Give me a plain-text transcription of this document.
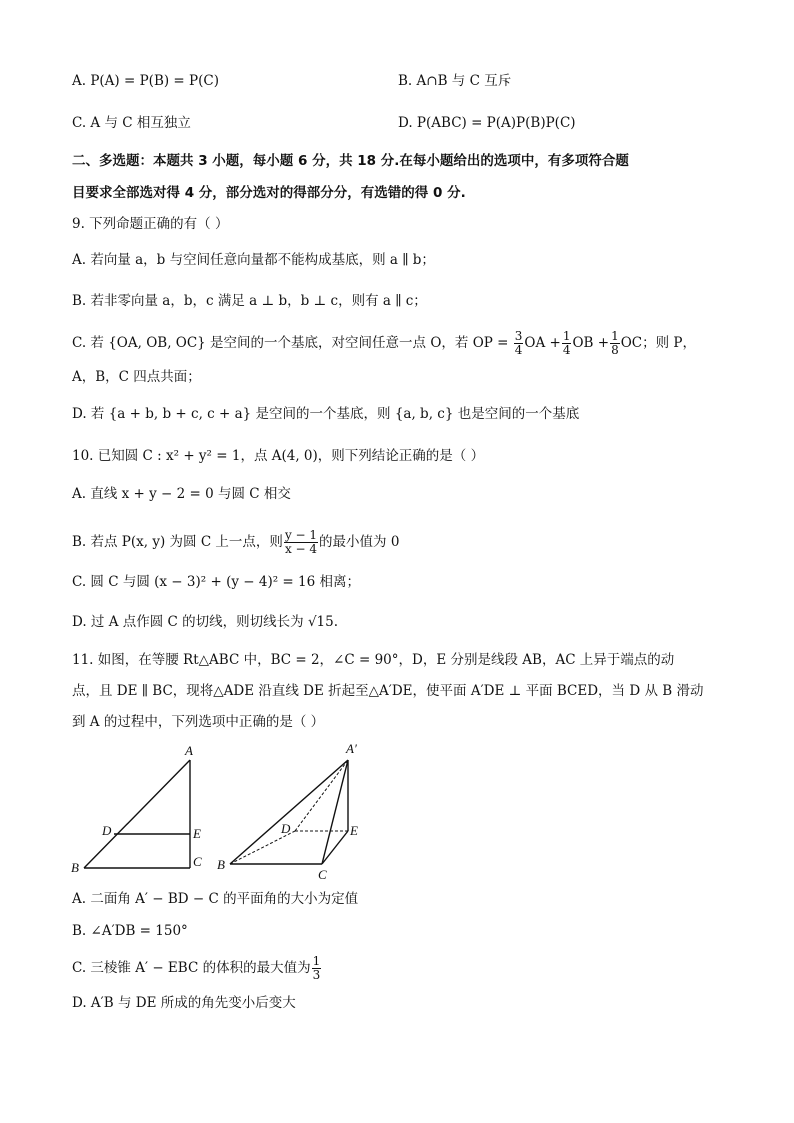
A. P(A) = P(B) = P(C)	B. A∩B 与 C 互斥
C. A 与 C 相互独立	D. P(ABC) = P(A)P(B)P(C)
二、多选题：本题共 3 小题，每小题 6 分，共 18 分.在每小题给出的选项中，有多项符合题
目要求全部选对得 4 分，部分选对的得部分分，有选错的得 0 分.
9. 下列命题正确的有（ ）
A. 若向量 a，b 与空间任意向量都不能构成基底，则 a ∥ b；
B. 若非零向量 a，b，c 满足 a ⊥ b，b ⊥ c，则有 a ∥ c；
C. 若 {OA, OB, OC} 是空间的一个基底，对空间任意一点 O，若 OP = $\frac{3}{4}$ OA + $\frac{1}{4}$ OB + $\frac{1}{8}$ OC；则 P，
A，B，C 四点共面；
D. 若 {a + b, b + c, c + a} 是空间的一个基底，则 {a, b, c} 也是空间的一个基底
10. 已知圆 C : x² + y² = 1，点 A(4, 0)，则下列结论正确的是（ ）
A. 直线 x + y − 2 = 0 与圆 C 相交
B. 若点 P(x, y) 为圆 C 上一点，则 $\frac{y - 1}{x - 4}$ 的最小值为 0
C. 圆 C 与圆 (x − 3)² + (y − 4)² = 16 相离；
D. 过 A 点作圆 C 的切线，则切线长为 √15.
11. 如图，在等腰 Rt△ABC 中，BC = 2，∠C = 90°，D，E 分别是线段 AB，AC 上异于端点的动
点，且 DE ∥ BC，现将△ADE 沿直线 DE 折起至△A′DE，使平面 A′DE ⊥ 平面 BCED，当 D 从 B 滑动
到 A 的过程中，下列选项中正确的是（ ）
A
B	C
D	E
A′
B
C
D	E
A. 二面角 A′ − BD − C 的平面角的大小为定值
B. ∠A′DB = 150°
C. 三棱锥 A′ − EBC 的体积的最大值为 $\frac{1}{3}$
D. A′B 与 DE 所成的角先变小后变大
